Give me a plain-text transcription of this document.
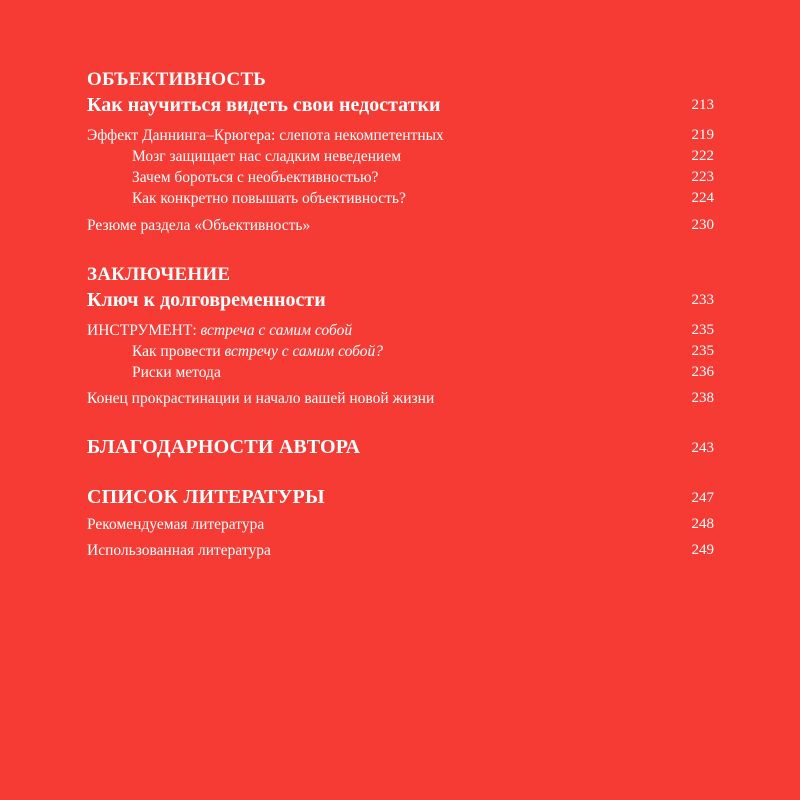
ОБЪЕКТИВНОСТЬ
Как научиться видеть свои недостатки	213
Эффект Даннинга–Крюгера: слепота некомпетентных	219
Мозг защищает нас сладким неведением	222
Зачем бороться с необъективностью?	223
Как конкретно повышать объективность?	224
Резюме раздела «Объективность»	230
ЗАКЛЮЧЕНИЕ
Ключ к долговременности	233
ИНСТРУМЕНТ: встреча с самим собой	235
Как провести встречу с самим собой?	235
Риски метода	236
Конец прокрастинации и начало вашей новой жизни	238
БЛАГОДАРНОСТИ АВТОРА	243
СПИСОК ЛИТЕРАТУРЫ	247
Рекомендуемая литература	248
Использованная литература	249
